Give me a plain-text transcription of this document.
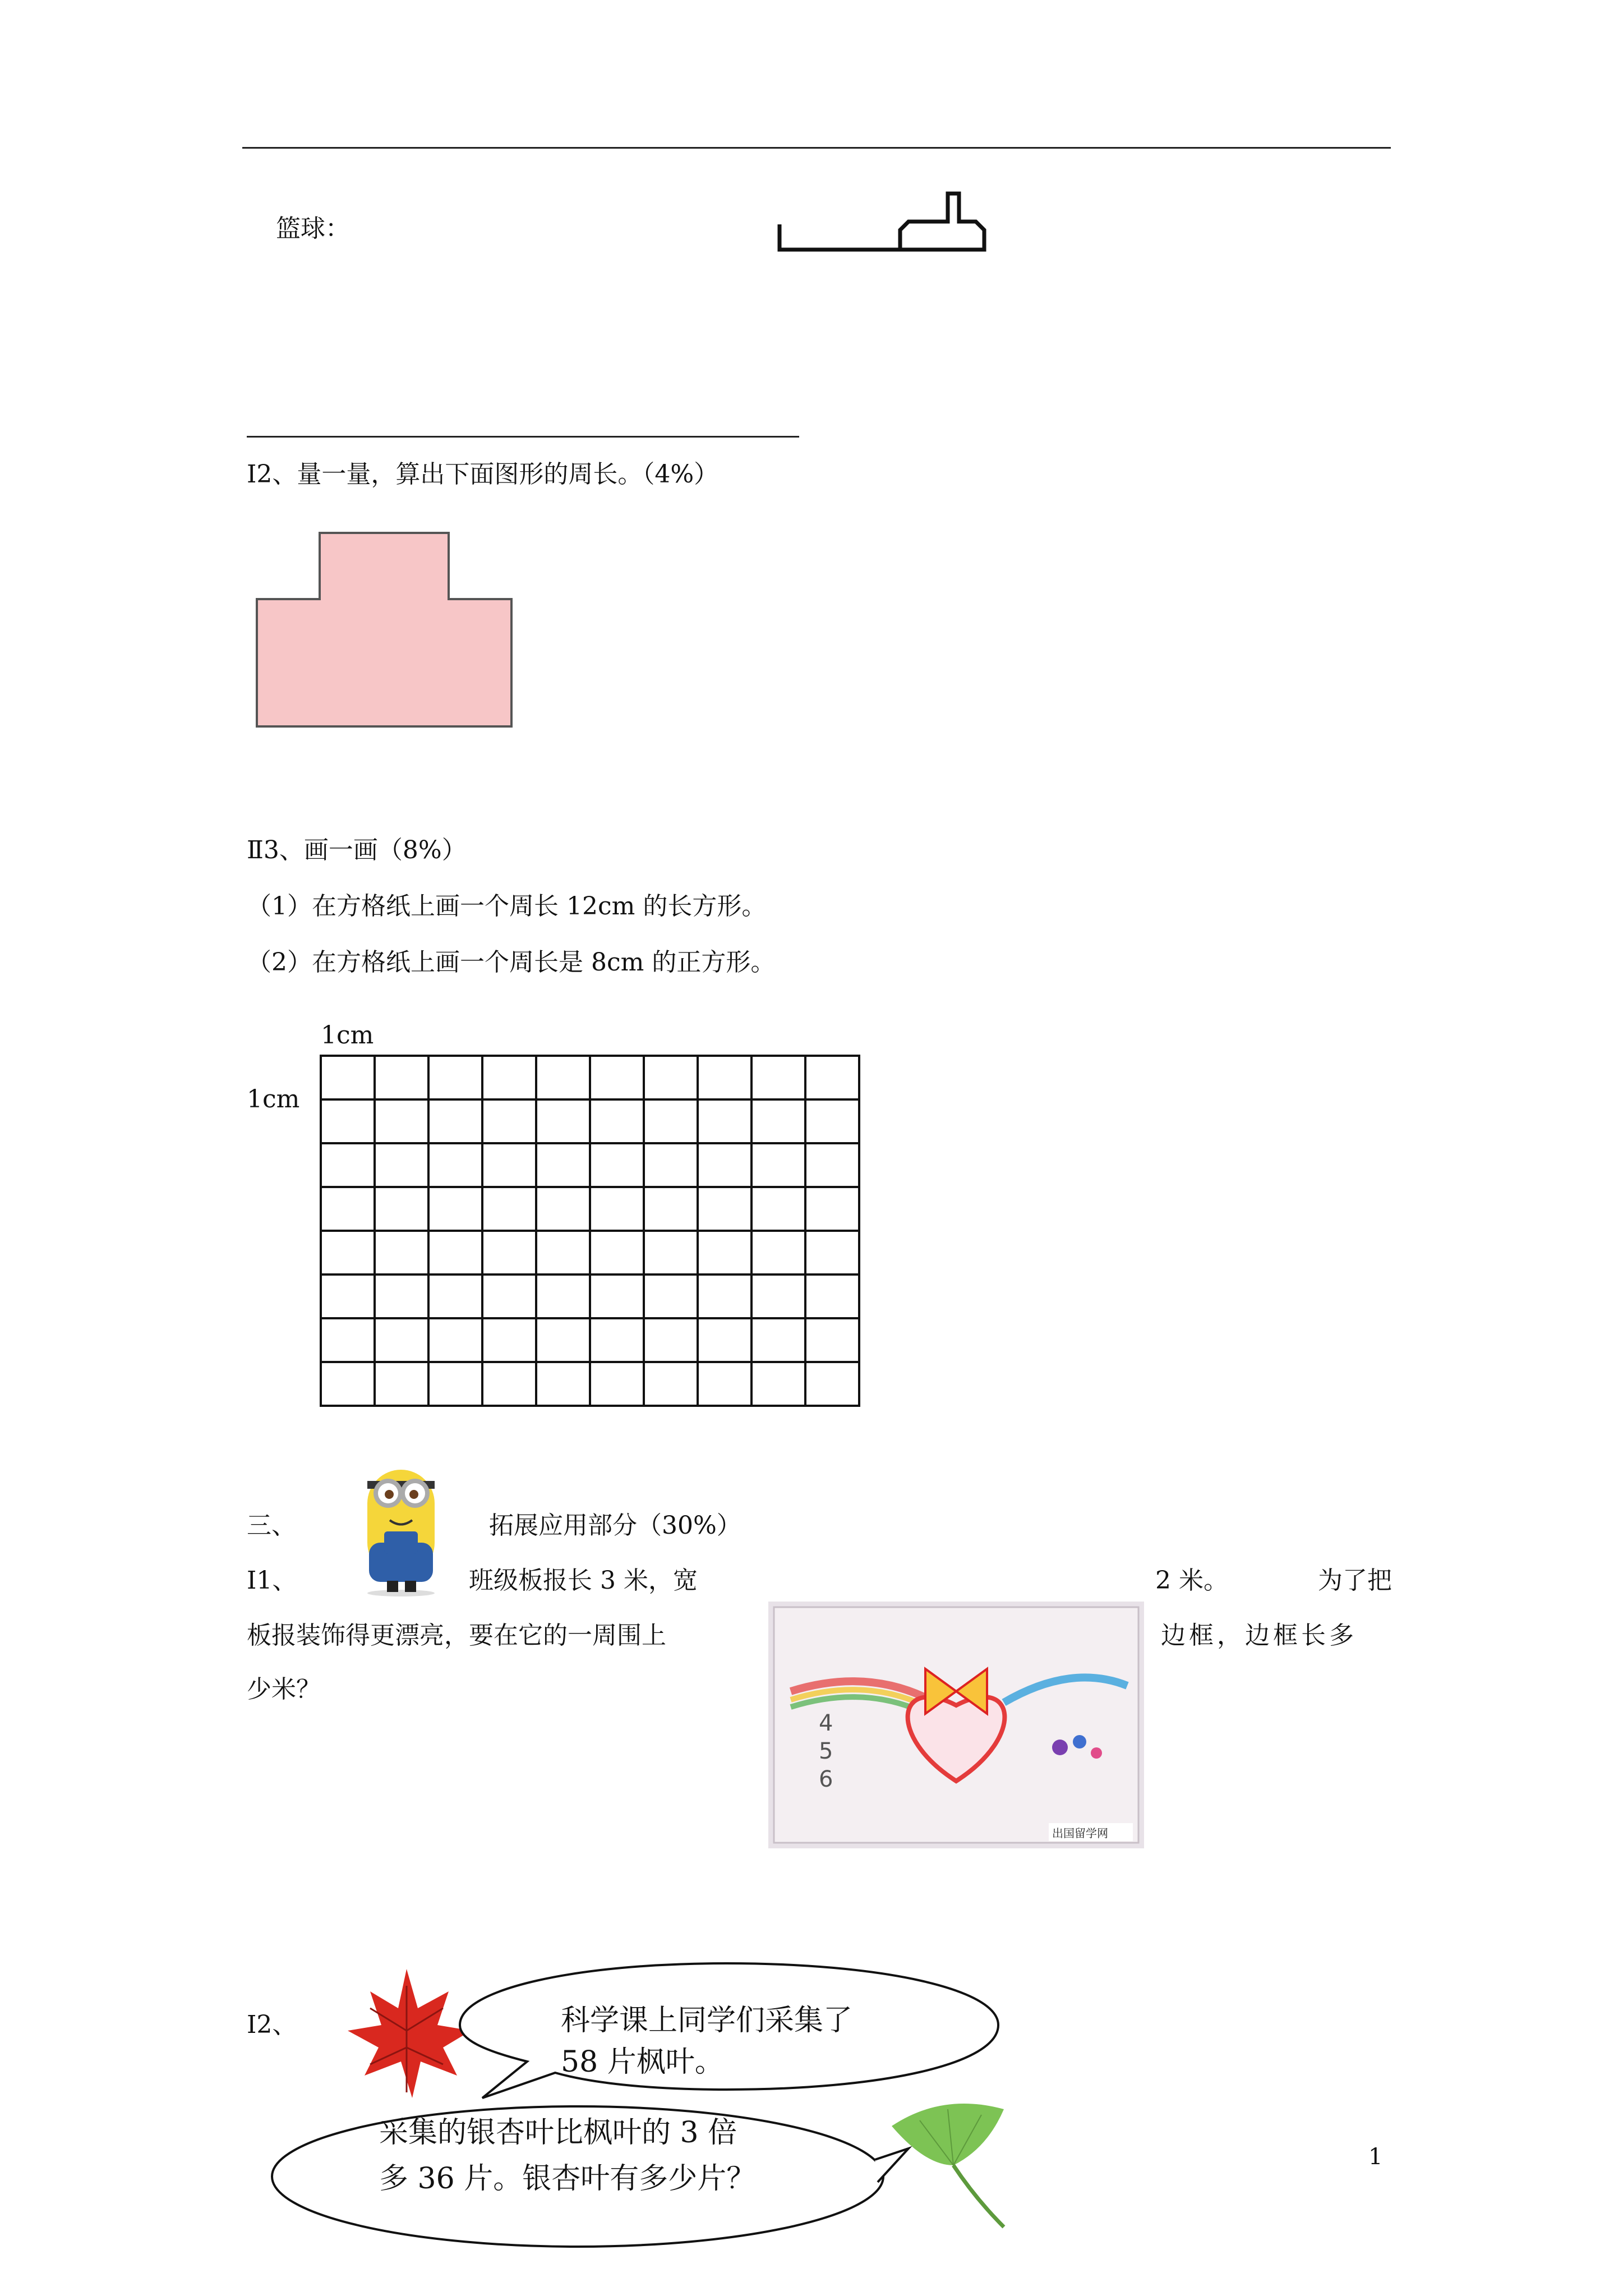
篮球：
Ⅰ2、量一量，算出下面图形的周长。（4%）
Ⅱ3、画一画（8%）
（1）在方格纸上画一个周长 12cm 的长方形。
（2）在方格纸上画一个周长是 8cm 的正方形。
1cm
1cm

三、	拓展应用部分（30%）
Ⅰ1、	班级板报长 3 米，宽	2 米。	为了把
板报装饰得更漂亮，要在它的一周围上	边框，边框长多
少米？
4
5
6
出国留学网
Ⅰ2、	科学课上同学们采集了
58 片枫叶。
采集的银杏叶比枫叶的 3 倍
多 36 片。银杏叶有多少片？
1
